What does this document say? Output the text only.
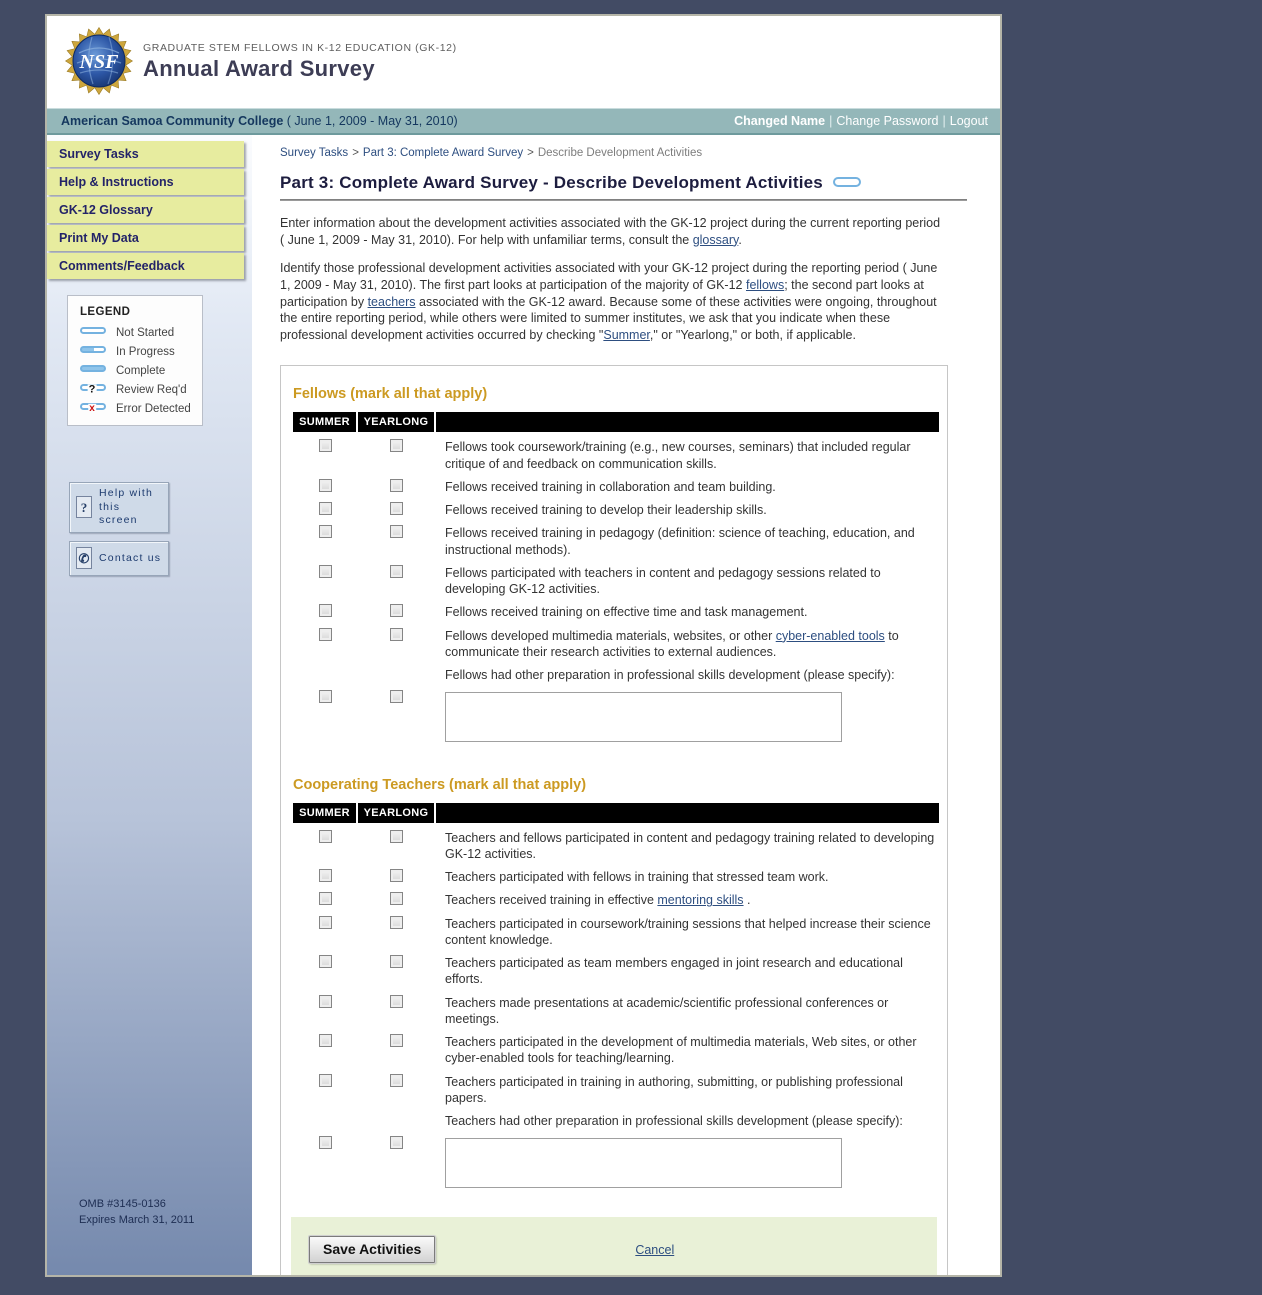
NSF
GRADUATE STEM FELLOWS IN K-12 EDUCATION (GK-12)
Annual Award Survey
American Samoa Community College ( June 1, 2009 - May 31, 2010)	Changed Name | Change Password | Logout
Survey Tasks
Help & Instructions
GK-12 Glossary
Print My Data
Comments/Feedback
LEGEND
Not Started
In Progress
Complete
? Review Req'd
x Error Detected
?
Help with
this screen
✆ Contact us
OMB #3145-0136
Expires March 31, 2011
Survey Tasks > Part 3: Complete Award Survey > Describe Development Activities
Part 3: Complete Award Survey - Describe Development Activities

Enter information about the development activities associated with the GK-12 project during the current reporting period ( June 1, 2009 - May 31, 2010). For help with unfamiliar terms, consult the glossary.

Identify those professional development activities associated with your GK-12 project during the reporting period ( June 1, 2009 - May 31, 2010). The first part looks at participation of the majority of GK-12 fellows; the second part looks at participation by teachers associated with the GK-12 award. Because some of these activities were ongoing, throughout the entire reporting period, while others were limited to summer institutes, we ask that you indicate when these professional development activities occurred by checking "Summer," or "Yearlong," or both, if applicable.

Fellows (mark all that apply)
SUMMER	YEARLONG	
		Fellows took coursework/training (e.g., new courses, seminars) that included regular critique of and feedback on communication skills.
		Fellows received training in collaboration and team building.
		Fellows received training to develop their leadership skills.
		Fellows received training in pedagogy (definition: science of teaching, education, and instructional methods).
		Fellows participated with teachers in content and pedagogy sessions related to developing GK-12 activities.
		Fellows received training on effective time and task management.
		Fellows developed multimedia materials, websites, or other cyber-enabled tools to communicate their research activities to external audiences.
		Fellows had other preparation in professional skills development (please specify):

Cooperating Teachers (mark all that apply)
SUMMER	YEARLONG	
		Teachers and fellows participated in content and pedagogy training related to developing GK-12 activities.
		Teachers participated with fellows in training that stressed team work.
		Teachers received training in effective mentoring skills .
		Teachers participated in coursework/training sessions that helped increase their science content knowledge.
		Teachers participated as team members engaged in joint research and educational efforts.
		Teachers made presentations at academic/scientific professional conferences or meetings.
		Teachers participated in the development of multimedia materials, Web sites, or other cyber-enabled tools for teaching/learning.
		Teachers participated in training in authoring, submitting, or publishing professional papers.
		Teachers had other preparation in professional skills development (please specify):

Save Activities	Cancel
